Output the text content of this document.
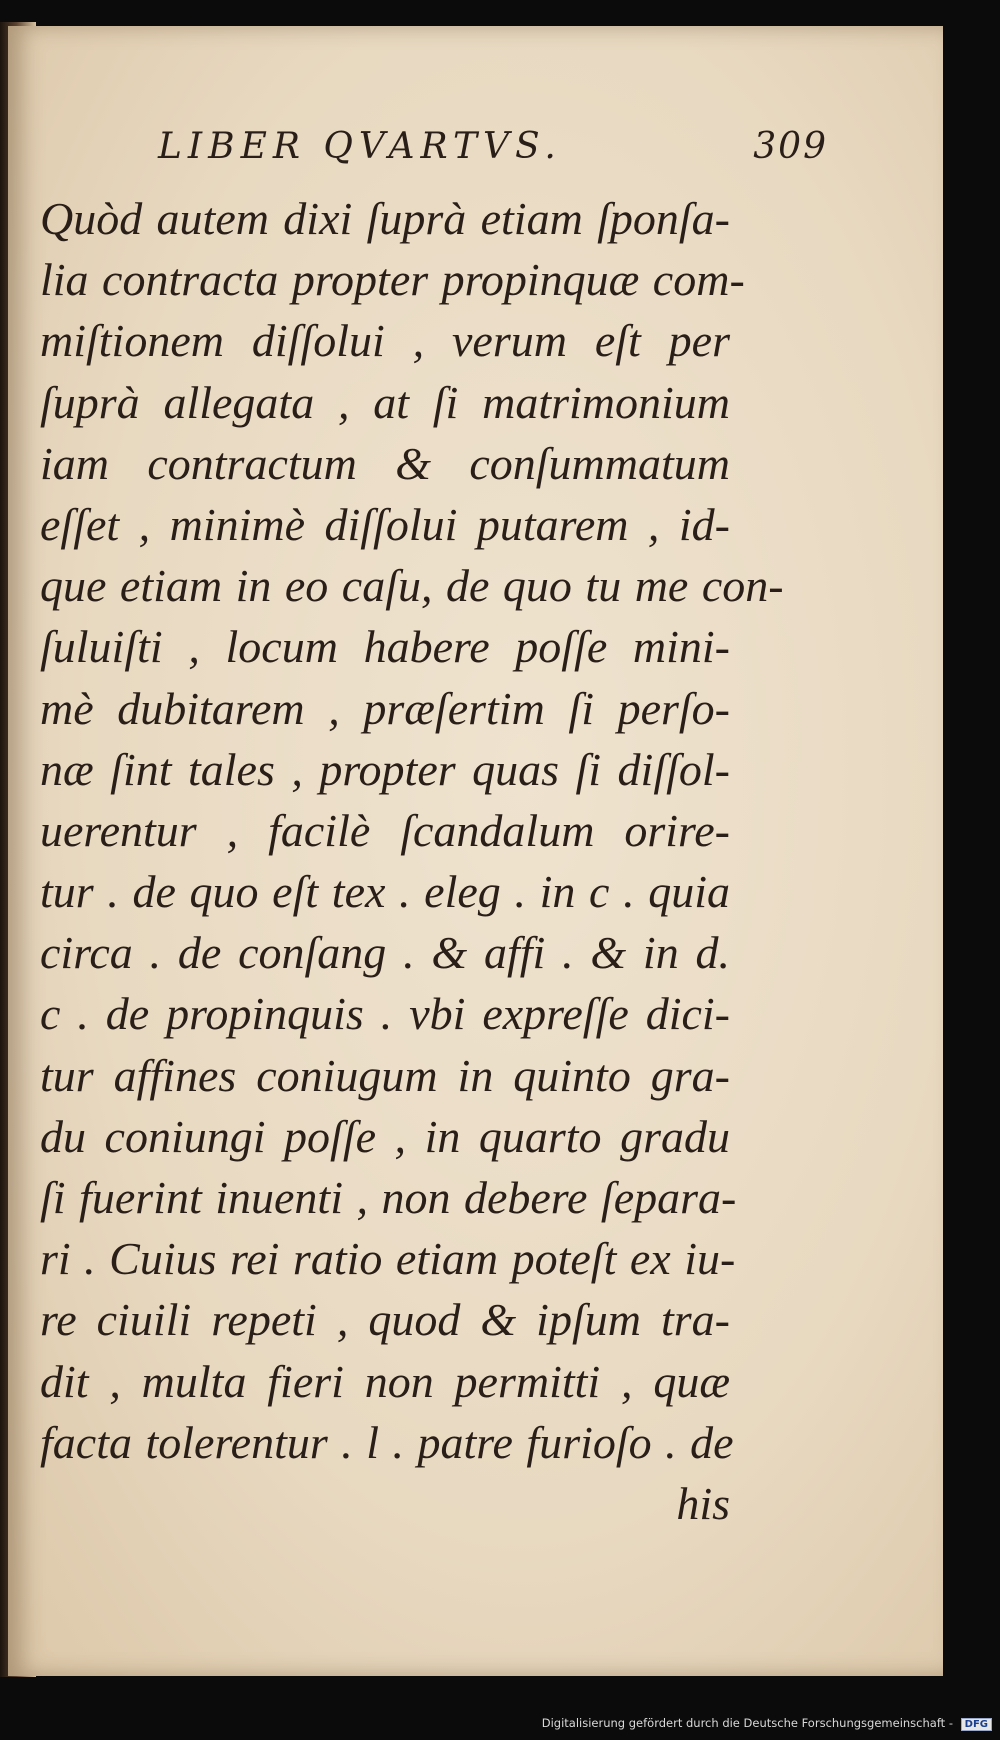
LIBER QVARTVS.	309
Quòd autem dixi ſuprà etiam ſponſa-
lia contracta propter propinquæ com-
miſtionem diſſolui , verum eſt per
ſuprà allegata , at ſi matrimonium
iam contractum & conſummatum
eſſet , minimè diſſolui putarem , id-
que etiam in eo caſu, de quo tu me con-
ſuluiſti , locum habere poſſe mini-
mè dubitarem , præſertim ſi perſo-
næ ſint tales , propter quas ſi diſſol-
uerentur , facilè ſcandalum orire-
tur . de quo eſt tex . eleg . in c . quia
circa . de conſang . & affi . & in d.
c . de propinquis . vbi expreſſe dici-
tur affines coniugum in quinto gra-
du coniungi poſſe , in quarto gradu
ſi fuerint inuenti , non debere ſepara-
ri . Cuius rei ratio etiam poteſt ex iu-
re ciuili repeti , quod & ipſum tra-
dit , multa fieri non permitti , quæ
facta tolerentur . l . patre furioſo . de
his
Digitalisierung gefördert durch die Deutsche Forschungsgemeinschaft - DFG
